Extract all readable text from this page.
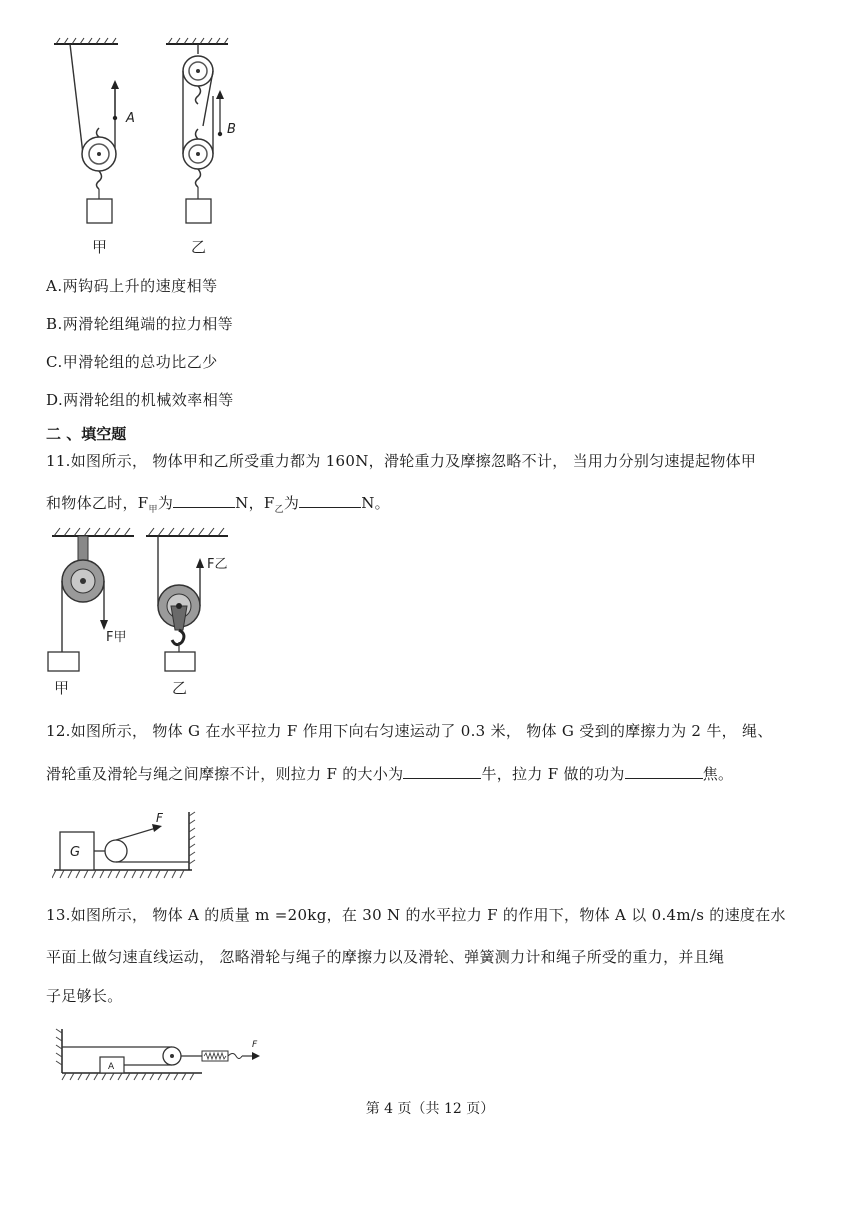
A
甲
B
乙
A.两钩码上升的速度相等
B.两滑轮组绳端的拉力相等
C.甲滑轮组的总功比乙少
D.两滑轮组的机械效率相等
二 、填空题
11.如图所示， 物体甲和乙所受重力都为 160N，滑轮重力及摩擦忽略不计， 当用力分别匀速提起物体甲
和物体乙时，$F_甲$为	N，$F_乙$为	N。
F甲
甲
F乙
乙
12.如图所示， 物体 G 在水平拉力 F 作用下向右匀速运动了 0.3 米， 物体 G 受到的摩擦力为 2 牛， 绳、
滑轮重及滑轮与绳之间摩擦不计，则拉力 F 的大小为	牛，拉力 F 做的功为	焦。
G
F
13.如图所示， 物体 A 的质量 m =20kg，在 30 N 的水平拉力 F 的作用下，物体 A 以 0.4m/s 的速度在水
平面上做匀速直线运动， 忽略滑轮与绳子的摩擦力以及滑轮、弹簧测力计和绳子所受的重力，并且绳
子足够长。
A
F
第 4 页（共 12 页）
